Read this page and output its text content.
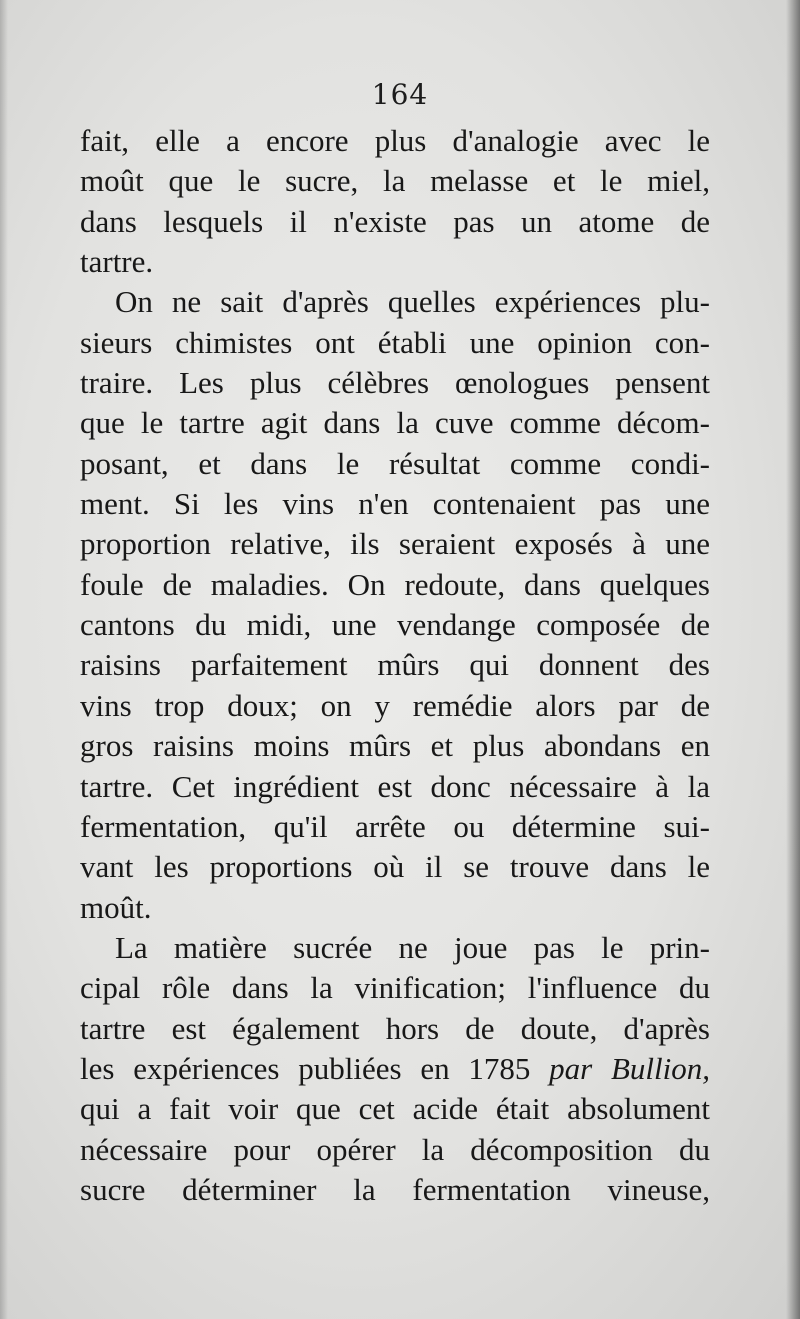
164
fait, elle a encore plus d'analogie avec le
moût que le sucre, la melasse et le miel,
dans lesquels il n'existe pas un atome de
tartre.
On ne sait d'après quelles expériences plu-
sieurs chimistes ont établi une opinion con-
traire. Les plus célèbres œnologues pensent
que le tartre agit dans la cuve comme décom-
posant, et dans le résultat comme condi-
ment. Si les vins n'en contenaient pas une
proportion relative, ils seraient exposés à une
foule de maladies. On redoute, dans quelques
cantons du midi, une vendange composée de
raisins parfaitement mûrs qui donnent des
vins trop doux; on y remédie alors par de
gros raisins moins mûrs et plus abondans en
tartre. Cet ingrédient est donc nécessaire à la
fermentation, qu'il arrête ou détermine sui-
vant les proportions où il se trouve dans le
moût.
La matière sucrée ne joue pas le prin-
cipal rôle dans la vinification; l'influence du
tartre est également hors de doute, d'après
les expériences publiées en 1785 par Bullion,
qui a fait voir que cet acide était absolument
nécessaire pour opérer la décomposition du
sucre déterminer la fermentation vineuse,
